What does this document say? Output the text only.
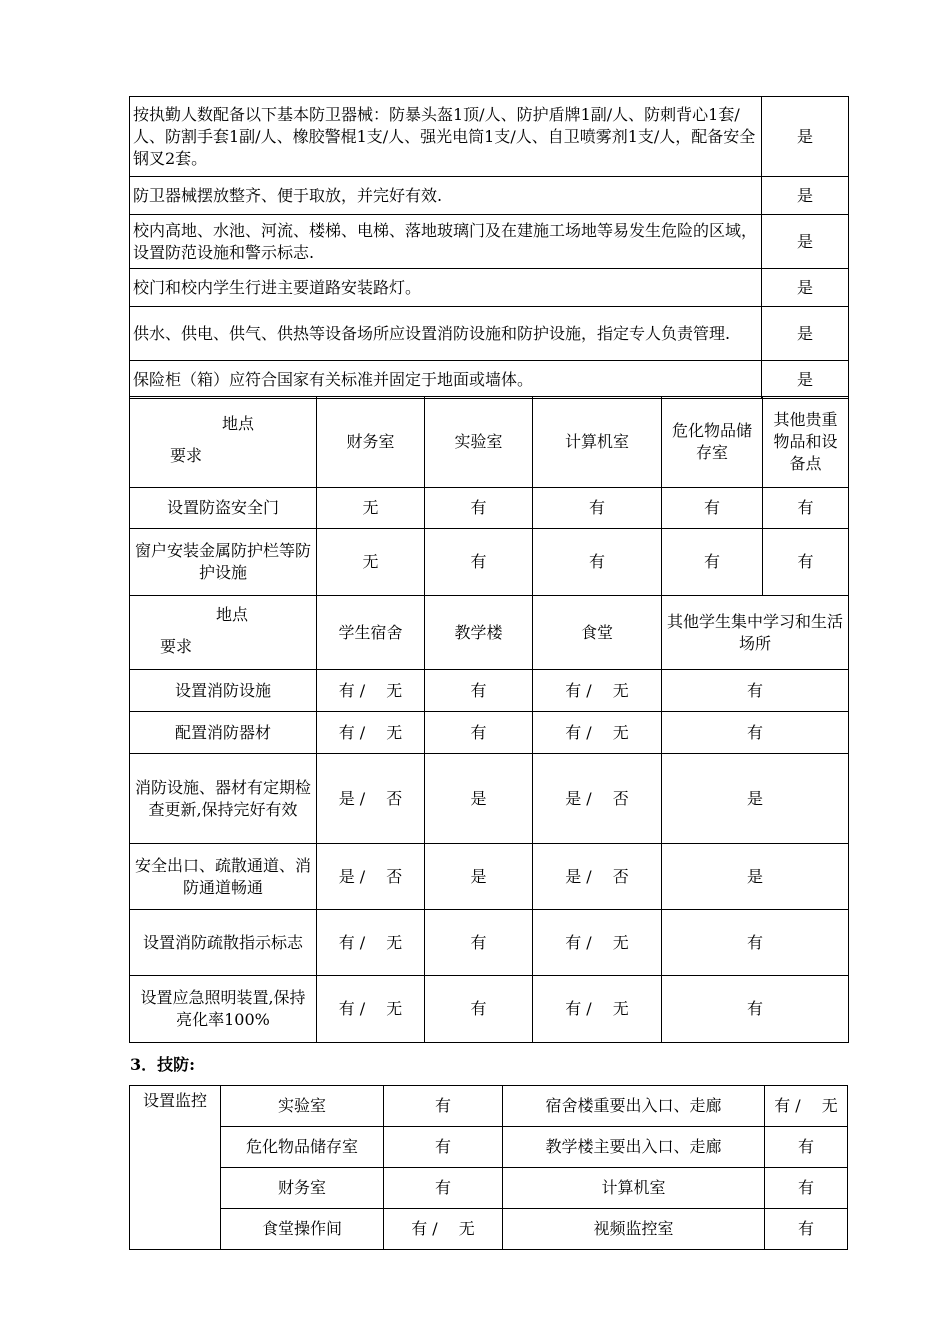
按执勤人数配备以下基本防卫器械：防暴头盔1顶/人、防护盾牌1副/人、防刺背心1套/人、防割手套1副/人、橡胶警棍1支/人、强光电筒1支/人、自卫喷雾剂1支/人，配备安全钢叉2套。	是
防卫器械摆放整齐、便于取放，并完好有效.	是
校内高地、水池、河流、楼梯、电梯、落地玻璃门及在建施工场地等易发生危险的区域，设置防范设施和警示标志.	是
校门和校内学生行进主要道路安装路灯。	是
供水、供电、供气、供热等设备场所应设置消防设施和防护设施，指定专人负责管理.	是
保险柜（箱）应符合国家有关标准并固定于地面或墙体。	是
地点
要求	财务室	实验室	计算机室	危化物品储存室	其他贵重物品和设备点
设置防盗安全门	无	有	有	有	有
窗户安装金属防护栏等防护设施	无	有	有	有	有
地点
要求	学生宿舍	教学楼	食堂	其他学生集中学习和生活场所
设置消防设施	有 /　 无	有	有 /　 无	有
配置消防器材	有 /　 无	有	有 /　 无	有
消防设施、器材有定期检查更新,保持完好有效	是 /　 否	是	是 /　 否	是
安全出口、疏散通道、消防通道畅通	是 /　 否	是	是 /　 否	是
设置消防疏散指示标志	有 /　 无	有	有 /　 无	有
设置应急照明装置,保持亮化率100%	有 /　 无	有	有 /　 无	有
3．技防:
设置监控	实验室	有	宿舍楼重要出入口、走廊	有 /　 无
	危化物品储存室	有	教学楼主要出入口、走廊	有
	财务室	有	计算机室	有
	食堂操作间	有 /　 无	视频监控室	有
